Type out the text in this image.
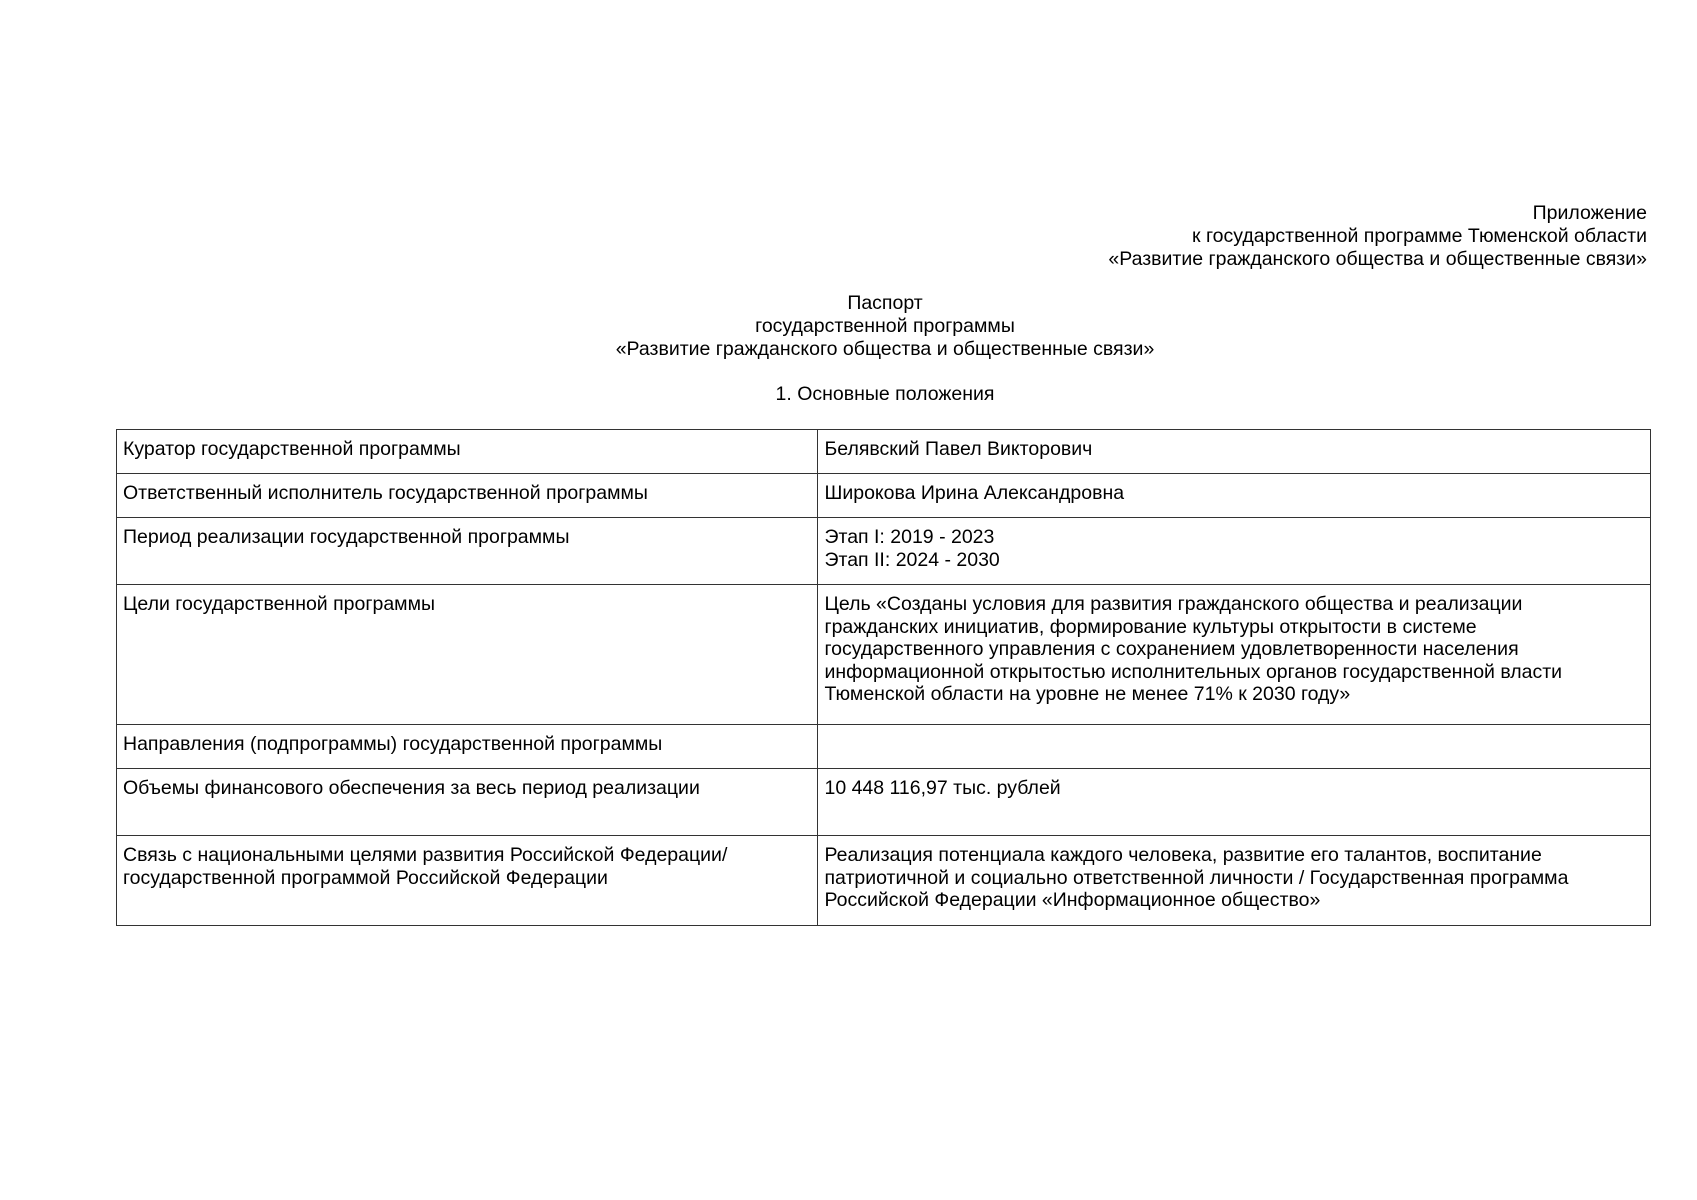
Приложение
к государственной программе Тюменской области
«Развитие гражданского общества и общественные связи»
Паспорт
государственной программы
«Развитие гражданского общества и общественные связи»
1. Основные положения
Куратор государственной программы	Белявский Павел Викторович

Ответственный исполнитель государственной программы	Широкова Ирина Александровна

Период реализации государственной программы	Этап I: 2019 - 2023
Этап II: 2024 - 2030

Цели государственной программы	Цель «Созданы условия для развития гражданского общества и реализации
гражданских инициатив, формирование культуры открытости в системе
государственного управления с сохранением удовлетворенности населения
информационной открытостью исполнительных органов государственной власти
Тюменской области на уровне не менее 71% к 2030 году»

Направления (подпрограммы) государственной программы	

Объемы финансового обеспечения за весь период реализации	10 448 116,97 тыс. рублей

Связь с национальными целями развития Российской Федерации/
государственной программой Российской Федерации	Реализация потенциала каждого человека, развитие его талантов, воспитание
патриотичной и социально ответственной личности / Государственная программа
Российской Федерации «Информационное общество»
